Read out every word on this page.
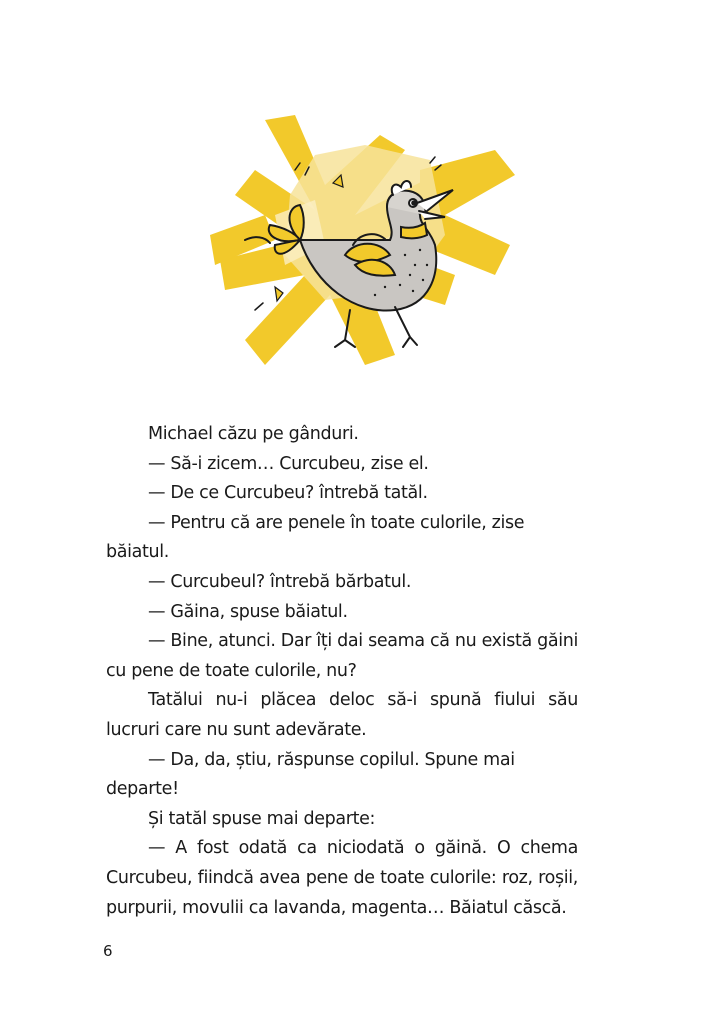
Michael căzu pe gânduri.

— Să-i zicem… Curcubeu, zise el.

— De ce Curcubeu? întrebă tatăl.

— Pentru că are penele în toate culorile, zise băiatul.

— Curcubeul? întrebă bărbatul.

— Găina, spuse băiatul.

— Bine, atunci. Dar îți dai seama că nu există găini cu pene de toate culorile, nu?

Tatălui nu-i plăcea deloc să-i spună fiului său lucruri care nu sunt adevărate.

— Da, da, știu, răspunse copilul. Spune mai departe!

Și tatăl spuse mai departe:

— A fost odată ca niciodată o găină. O chema Curcubeu, fiindcă avea pene de toate culorile: roz, roșii, purpurii, movulii ca lavanda, magenta… Băiatul căscă.

6
